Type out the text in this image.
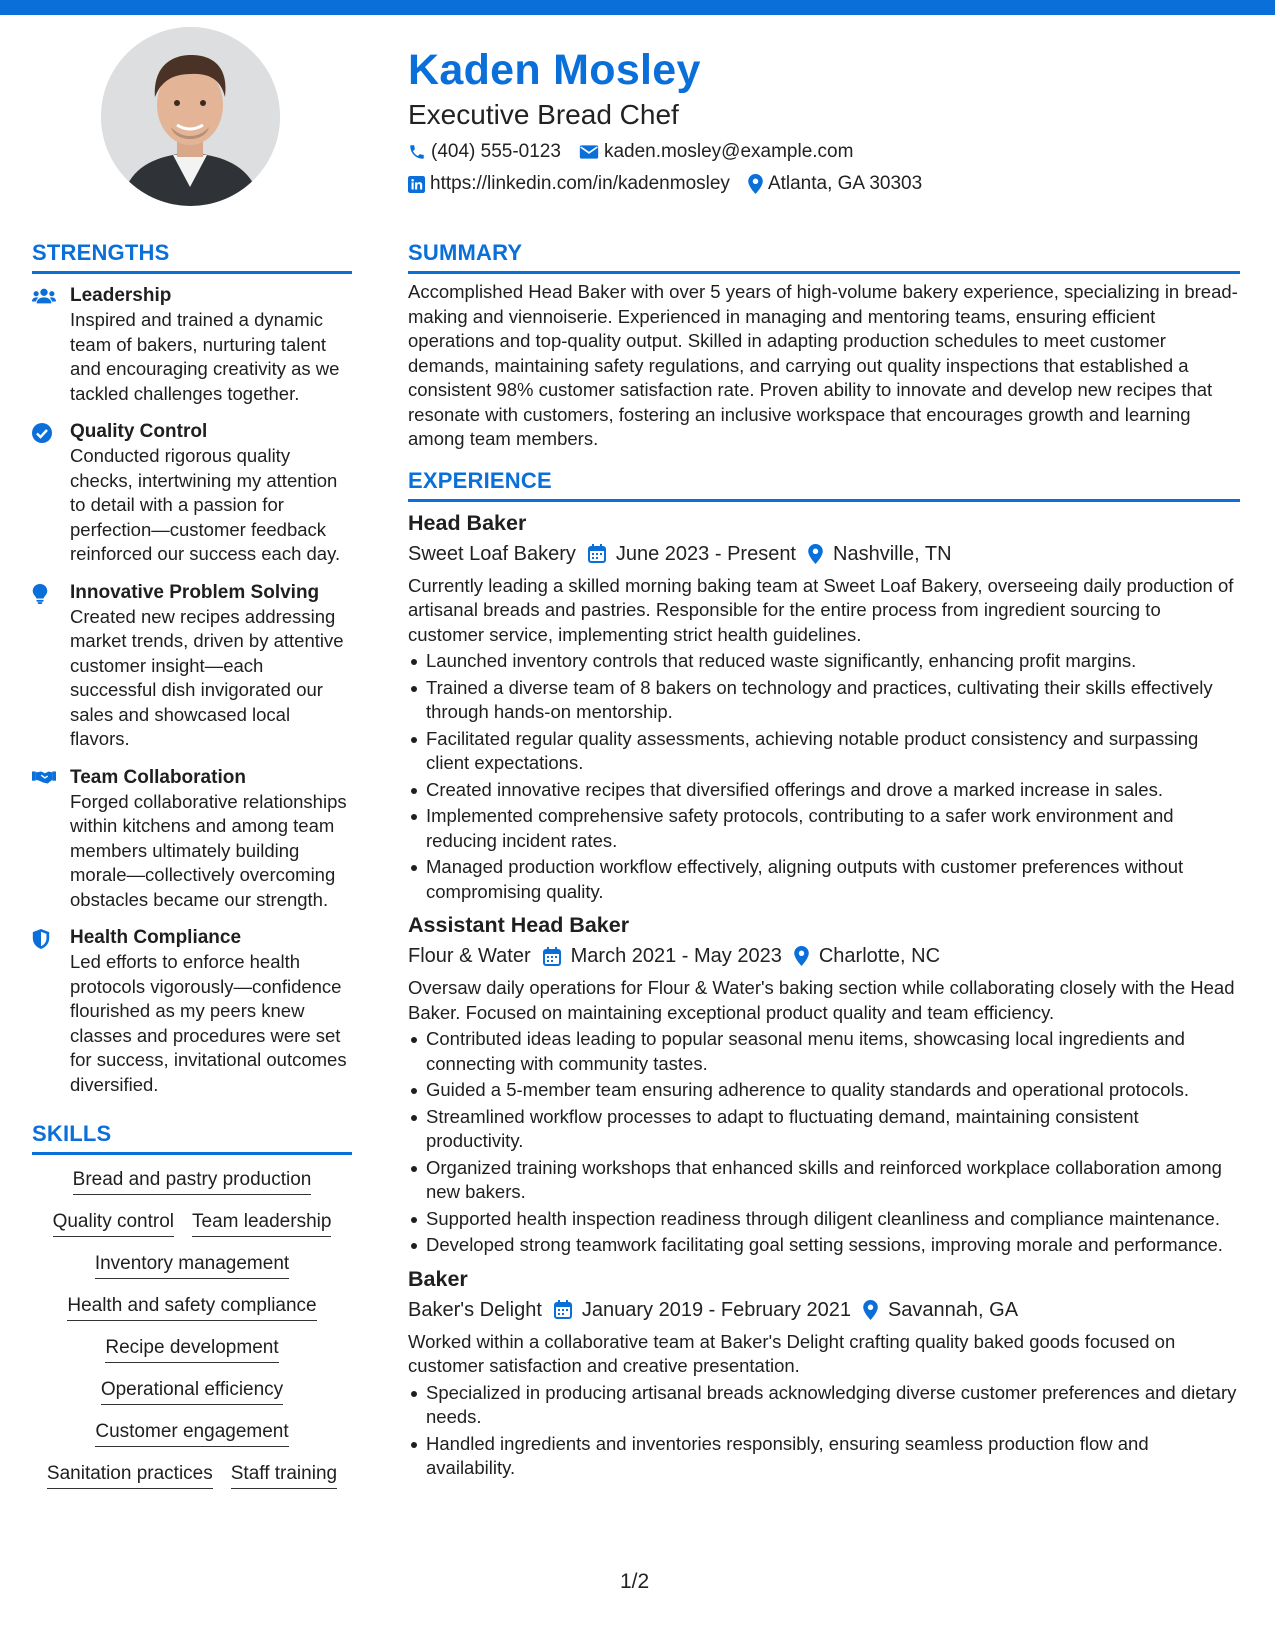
Kaden Mosley
Executive Bread Chef
(404) 555-0123 kaden.mosley@example.com
https://linkedin.com/in/kadenmosley Atlanta, GA 30303
STRENGTHS
Leadership
Inspired and trained a dynamic team of bakers, nurturing talent and encouraging creativity as we tackled challenges together.
Quality Control
Conducted rigorous quality checks, intertwining my attention to detail with a passion for perfection—customer feedback reinforced our success each day.
Innovative Problem Solving
Created new recipes addressing market trends, driven by attentive customer insight—each successful dish invigorated our sales and showcased local flavors.
Team Collaboration
Forged collaborative relationships within kitchens and among team members ultimately building morale—collectively overcoming obstacles became our strength.
Health Compliance
Led efforts to enforce health protocols vigorously—confidence flourished as my peers knew classes and procedures were set for success, invitational outcomes diversified.
SKILLS
Bread and pastry production
Quality control Team leadership
Inventory management
Health and safety compliance
Recipe development
Operational efficiency
Customer engagement
Sanitation practices Staff training
SUMMARY
Accomplished Head Baker with over 5 years of high-volume bakery experience, specializing in bread-making and viennoiserie. Experienced in managing and mentoring teams, ensuring efficient operations and top-quality output. Skilled in adapting production schedules to meet customer demands, maintaining safety regulations, and carrying out quality inspections that established a consistent 98% customer satisfaction rate. Proven ability to innovate and develop new recipes that resonate with customers, fostering an inclusive workspace that encourages growth and learning among team members.
EXPERIENCE
Head Baker
Sweet Loaf Bakery June 2023 - Present Nashville, TN
Currently leading a skilled morning baking team at Sweet Loaf Bakery, overseeing daily production of artisanal breads and pastries. Responsible for the entire process from ingredient sourcing to customer service, implementing strict health guidelines.
Launched inventory controls that reduced waste significantly, enhancing profit margins.
Trained a diverse team of 8 bakers on technology and practices, cultivating their skills effectively through hands-on mentorship.
Facilitated regular quality assessments, achieving notable product consistency and surpassing client expectations.
Created innovative recipes that diversified offerings and drove a marked increase in sales.
Implemented comprehensive safety protocols, contributing to a safer work environment and reducing incident rates.
Managed production workflow effectively, aligning outputs with customer preferences without compromising quality.
Assistant Head Baker
Flour & Water March 2021 - May 2023 Charlotte, NC
Oversaw daily operations for Flour & Water's baking section while collaborating closely with the Head Baker. Focused on maintaining exceptional product quality and team efficiency.
Contributed ideas leading to popular seasonal menu items, showcasing local ingredients and connecting with community tastes.
Guided a 5-member team ensuring adherence to quality standards and operational protocols.
Streamlined workflow processes to adapt to fluctuating demand, maintaining consistent productivity.
Organized training workshops that enhanced skills and reinforced workplace collaboration among new bakers.
Supported health inspection readiness through diligent cleanliness and compliance maintenance.
Developed strong teamwork facilitating goal setting sessions, improving morale and performance.
Baker
Baker's Delight January 2019 - February 2021 Savannah, GA
Worked within a collaborative team at Baker's Delight crafting quality baked goods focused on customer satisfaction and creative presentation.
Specialized in producing artisanal breads acknowledging diverse customer preferences and dietary needs.
Handled ingredients and inventories responsibly, ensuring seamless production flow and availability.
1/2
